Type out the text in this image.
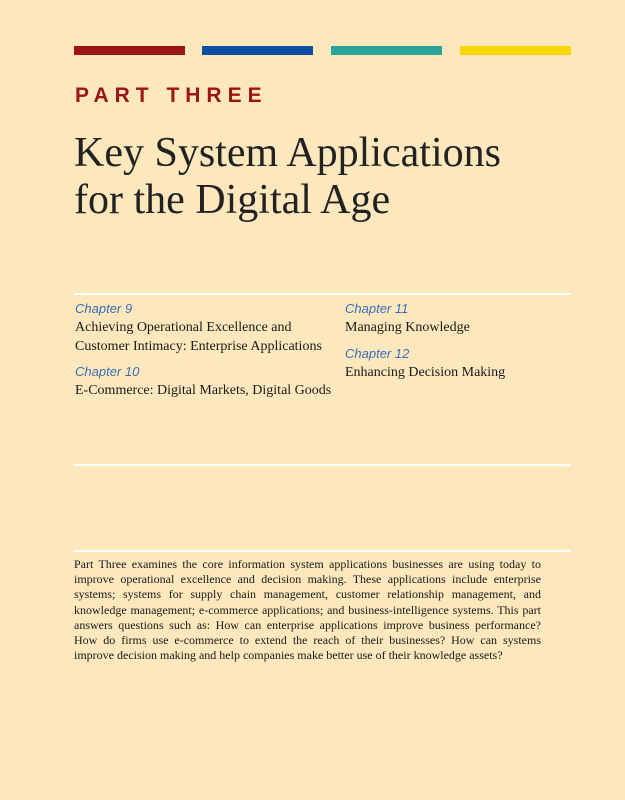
PART THREE
Key System Applications
for the Digital Age
Chapter 9
Achieving Operational Excellence and Customer Intimacy: Enterprise Applications
Chapter 10
E-Commerce: Digital Markets, Digital Goods
Chapter 11
Managing Knowledge
Chapter 12
Enhancing Decision Making

Part Three examines the core information system applications businesses are using today to improve operational excellence and decision making. These applications include enterprise systems; systems for supply chain management, customer relationship management, and knowledge management; e-commerce applications; and business-intelligence systems. This part answers questions such as: How can enterprise applications improve business performance? How do firms use e-commerce to extend the reach of their businesses? How can systems improve decision making and help companies make better use of their knowledge assets?
